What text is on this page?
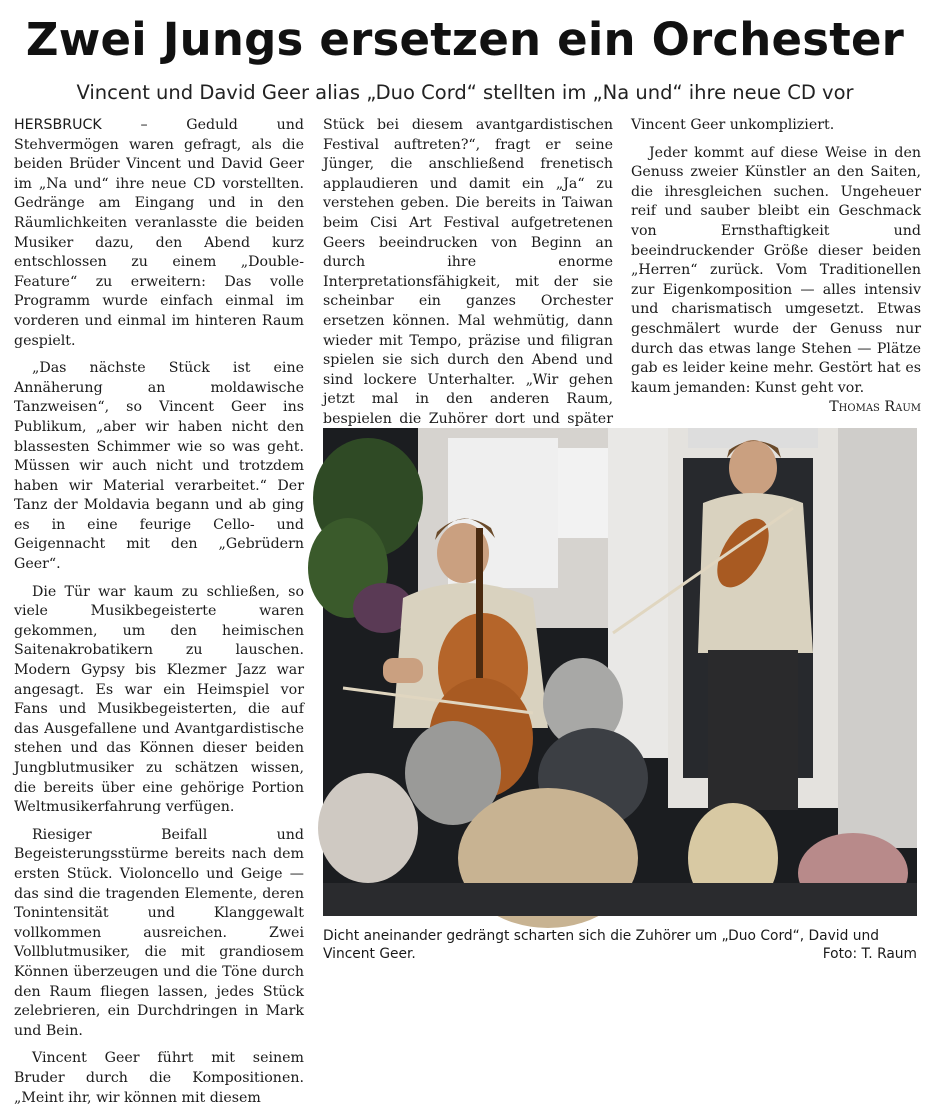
Zwei Jungs ersetzen ein Orchester
Vincent und David Geer alias „Duo Cord“ stellten im „Na und“ ihre neue CD vor

HERSBRUCK – Geduld und Stehvermögen waren gefragt, als die beiden Brüder Vincent und David Geer im „Na und“ ihre neue CD vorstellten. Gedränge am Eingang und in den Räumlichkeiten veranlasste die beiden Musiker dazu, den Abend kurz entschlossen zu einem „Double-Feature“ zu erweitern: Das volle Programm wurde einfach einmal im vorderen und einmal im hinteren Raum gespielt.

„Das nächste Stück ist eine Annäherung an moldawische Tanzweisen“, so Vincent Geer ins Publikum, „aber wir haben nicht den blassesten Schimmer wie so was geht. Müssen wir auch nicht und trotzdem haben wir Material verarbeitet.“ Der Tanz der Moldavia begann und ab ging es in eine feurige Cello- und Geigennacht mit den „Gebrüdern Geer“.

Die Tür war kaum zu schließen, so viele Musikbegeisterte waren gekommen, um den heimischen Saitenakrobatikern zu lauschen. Modern Gypsy bis Klezmer Jazz war angesagt. Es war ein Heimspiel vor Fans und Musikbegeisterten, die auf das Ausgefallene und Avantgardistische stehen und das Können dieser beiden Jungblutmusiker zu schätzen wissen, die bereits über eine gehörige Portion Weltmusikerfahrung verfügen.

Riesiger Beifall und Begeisterungsstürme bereits nach dem ersten Stück. Violoncello und Geige — das sind die tragenden Elemente, deren Tonintensität und Klanggewalt vollkommen ausreichen. Zwei Vollblutmusiker, die mit grandiosem Können überzeugen und die Töne durch den Raum fliegen lassen, jedes Stück zelebrieren, ein Durchdringen in Mark und Bein.

Vincent Geer führt mit seinem Bruder durch die Kompositionen. „Meint ihr, wir können mit diesem

Stück bei diesem avantgardistischen Festival auftreten?“, fragt er seine Jünger, die anschließend frenetisch applaudieren und damit ein „Ja“ zu verstehen geben. Die bereits in Taiwan beim Cisi Art Festival aufgetretenen Geers beeindrucken von Beginn an durch ihre enorme Interpretationsfähigkeit, mit der sie scheinbar ein ganzes Orchester ersetzen können. Mal wehmütig, dann wieder mit Tempo, präzise und filigran spielen sie sich durch den Abend und sind lockere Unterhalter. „Wir gehen jetzt mal in den anderen Raum, bespielen die Zuhörer dort und später

Vincent Geer unkompliziert.

Jeder kommt auf diese Weise in den Genuss zweier Künstler an den Saiten, die ihresgleichen suchen. Ungeheuer reif und sauber bleibt ein Geschmack von Ernsthaftigkeit und beeindruckender Größe dieser beiden „Herren“ zurück. Vom Traditionellen zur Eigenkomposition — alles intensiv und charismatisch umgesetzt. Etwas geschmälert wurde der Genuss nur durch das etwas lange Stehen — Plätze gab es leider keine mehr. Gestört hat es kaum jemanden: Kunst geht vor.
Thomas Raum

Dicht aneinander gedrängt scharten sich die Zuhörer um „Duo Cord“, David und Vincent Geer.	Foto: T. Raum
